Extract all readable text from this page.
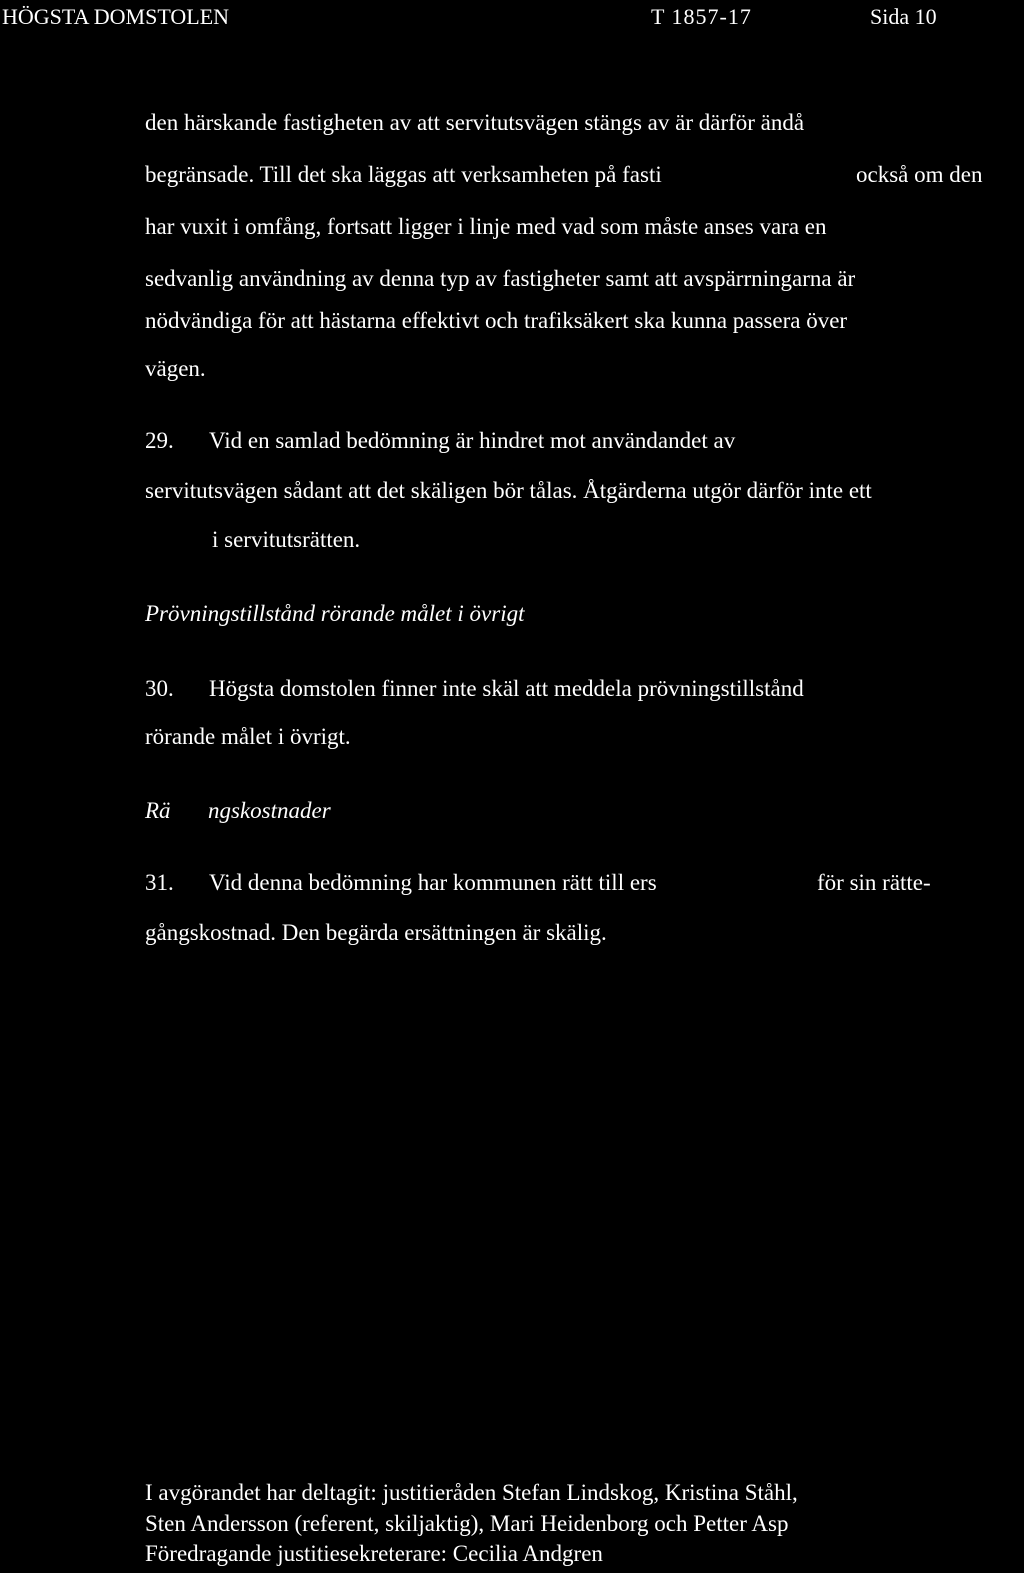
HÖGSTA DOMSTOLEN	T 1857-17	Sida 10
den härskande fastigheten av att servitutsvägen stängs av är därför ändå
begränsade. Till det ska läggas att verksamheten på fasti	också om den
har vuxit i omfång, fortsatt ligger i linje med vad som måste anses vara en
sedvanlig användning av denna typ av fastigheter samt att avspärrningarna är
nödvändiga för att hästarna effektivt och trafiksäkert ska kunna passera över
vägen.
29. Vid en samlad bedömning är hindret mot användandet av
servitutsvägen sådant att det skäligen bör tålas. Åtgärderna utgör därför inte ett
i servitutsrätten.
Prövningstillstånd rörande målet i övrigt
30. Högsta domstolen finner inte skäl att meddela prövningstillstånd
rörande målet i övrigt.
Rä ngskostnader
31. Vid denna bedömning har kommunen rätt till ers	för sin rätte-
gångskostnad. Den begärda ersättningen är skälig.
I avgörandet har deltagit: justitieråden Stefan Lindskog, Kristina Ståhl,
Sten Andersson (referent, skiljaktig), Mari Heidenborg och Petter Asp
Föredragande justitiesekreterare: Cecilia Andgren
